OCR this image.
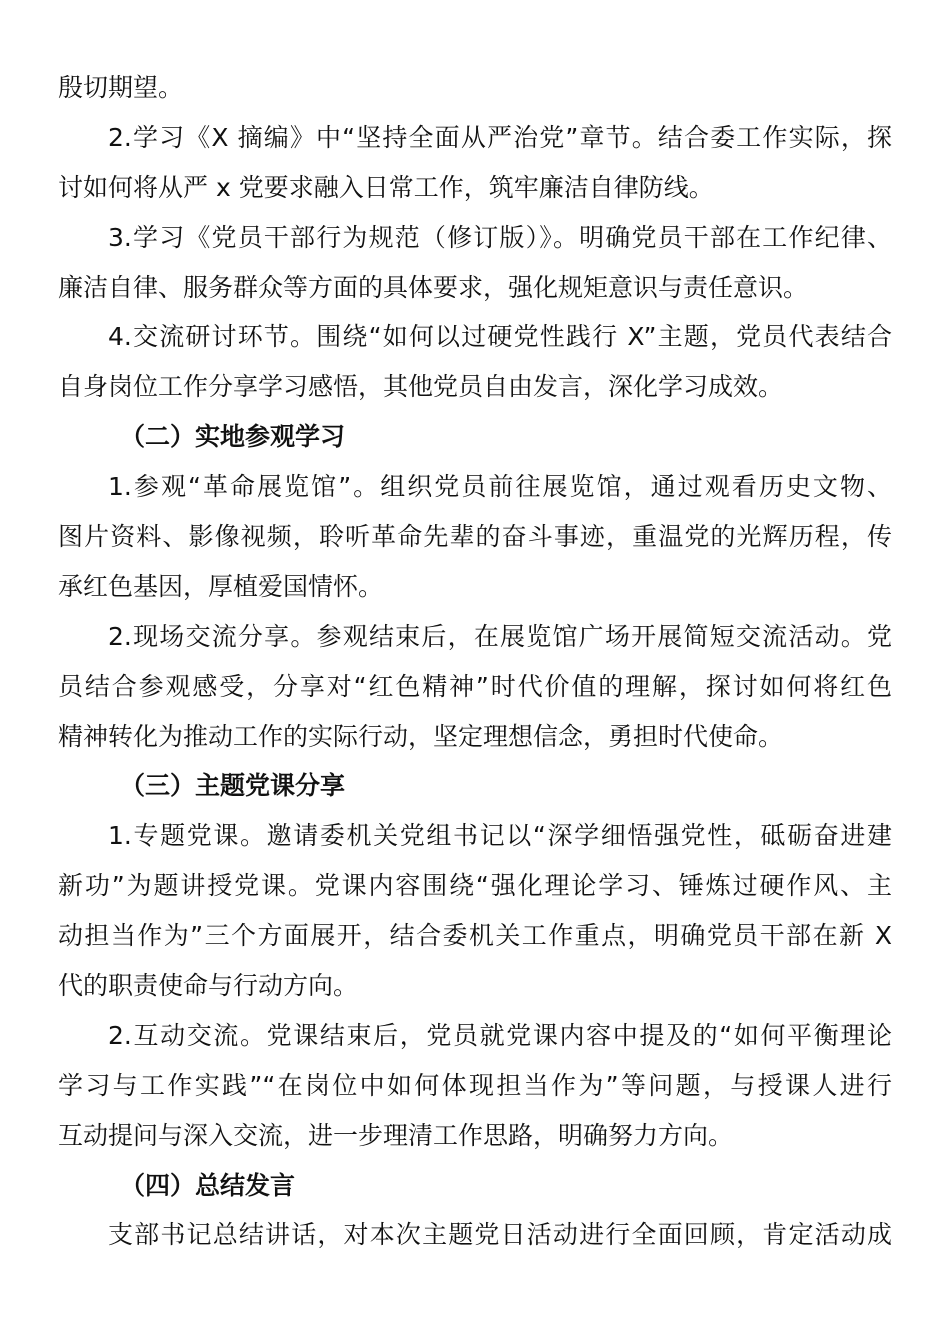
殷切期望。
2.学习《X 摘编》中“坚持全面从严治党”章节。结合委工作实际，探
讨如何将从严 x 党要求融入日常工作，筑牢廉洁自律防线。
3.学习《党员干部行为规范（修订版）》。明确党员干部在工作纪律、
廉洁自律、服务群众等方面的具体要求，强化规矩意识与责任意识。
4.交流研讨环节。围绕“如何以过硬党性践行 X”主题，党员代表结合
自身岗位工作分享学习感悟，其他党员自由发言，深化学习成效。
（二）实地参观学习
1.参观“革命展览馆”。组织党员前往展览馆，通过观看历史文物、
图片资料、影像视频，聆听革命先辈的奋斗事迹，重温党的光辉历程，传
承红色基因，厚植爱国情怀。
2.现场交流分享。参观结束后，在展览馆广场开展简短交流活动。党
员结合参观感受，分享对“红色精神”时代价值的理解，探讨如何将红色
精神转化为推动工作的实际行动，坚定理想信念，勇担时代使命。
（三）主题党课分享
1.专题党课。邀请委机关党组书记以“深学细悟强党性，砥砺奋进建
新功”为题讲授党课。党课内容围绕“强化理论学习、锤炼过硬作风、主
动担当作为”三个方面展开，结合委机关工作重点，明确党员干部在新 X
代的职责使命与行动方向。
2.互动交流。党课结束后，党员就党课内容中提及的“如何平衡理论
学习与工作实践”“在岗位中如何体现担当作为”等问题，与授课人进行
互动提问与深入交流，进一步理清工作思路，明确努力方向。
（四）总结发言
支部书记总结讲话，对本次主题党日活动进行全面回顾，肯定活动成
